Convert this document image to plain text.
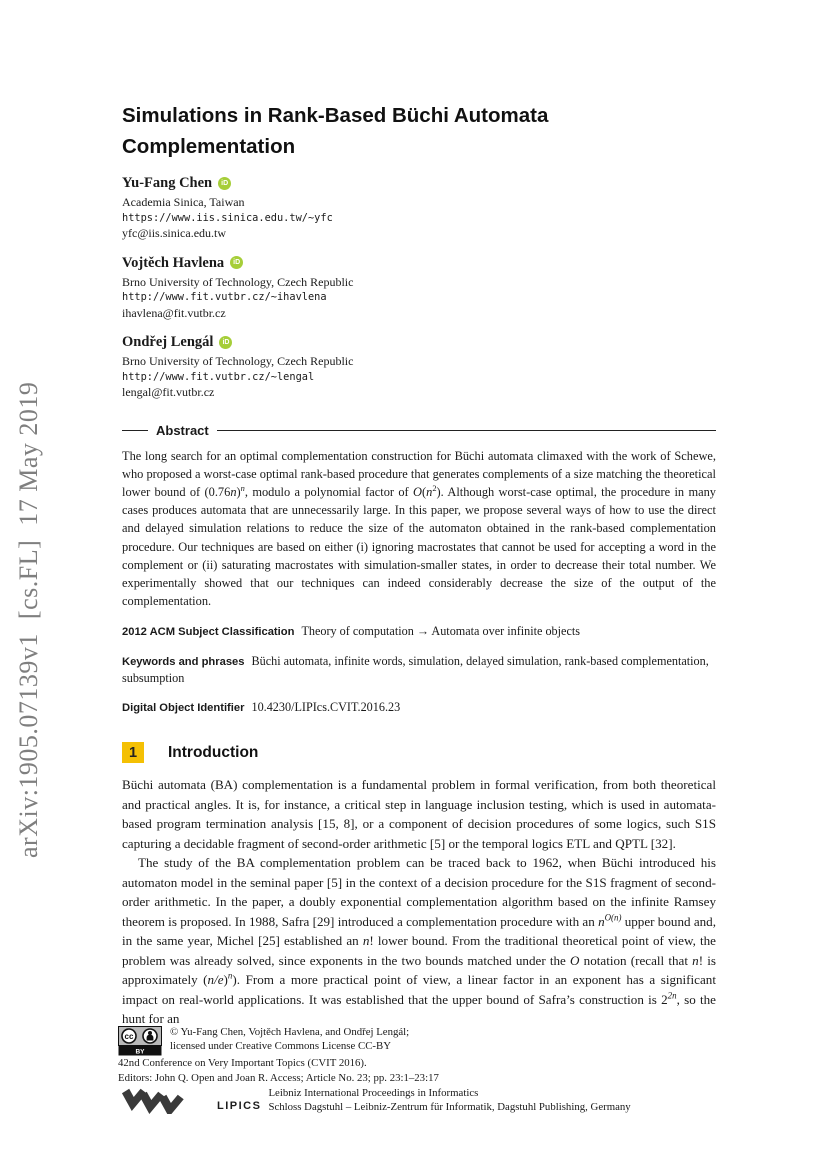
arXiv:1905.07139v1  [cs.FL]  17 May 2019
Simulations in Rank-Based Büchi Automata Complementation
Yu-Fang Chen	iD
Academia Sinica, Taiwan
https://www.iis.sinica.edu.tw/~yfc
yfc@iis.sinica.edu.tw
Vojtěch Havlena	iD
Brno University of Technology, Czech Republic
http://www.fit.vutbr.cz/~ihavlena
ihavlena@fit.vutbr.cz
Ondřej Lengál	iD
Brno University of Technology, Czech Republic
http://www.fit.vutbr.cz/~lengal
lengal@fit.vutbr.cz
Abstract

The long search for an optimal complementation construction for Büchi automata climaxed with the work of Schewe, who proposed a worst-case optimal rank-based procedure that generates complements of a size matching the theoretical lower bound of $(0.76n)^n$, modulo a polynomial factor of $O(n^2)$. Although worst-case optimal, the procedure in many cases produces automata that are unnecessarily large. In this paper, we propose several ways of how to use the direct and delayed simulation relations to reduce the size of the automaton obtained in the rank-based complementation procedure. Our techniques are based on either (i) ignoring macrostates that cannot be used for accepting a word in the complement or (ii) saturating macrostates with simulation-smaller states, in order to decrease their total number. We experimentally showed that our techniques can indeed considerably decrease the size of the output of the complementation.

2012 ACM Subject Classification Theory of computation → Automata over infinite objects
Keywords and phrases Büchi automata, infinite words, simulation, delayed simulation, rank-based complementation, subsumption
Digital Object Identifier 10.4230/LIPIcs.CVIT.2016.23
1	Introduction

Büchi automata (BA) complementation is a fundamental problem in formal verification, from both theoretical and practical angles. It is, for instance, a critical step in language inclusion testing, which is used in automata-based program termination analysis [15, 8], or a component of decision procedures of some logics, such S1S capturing a decidable fragment of second-order arithmetic [5] or the temporal logics ETL and QPTL [32].

The study of the BA complementation problem can be traced back to 1962, when Büchi introduced his automaton model in the seminal paper [5] in the context of a decision procedure for the S1S fragment of second-order arithmetic. In the paper, a doubly exponential complementation algorithm based on the infinite Ramsey theorem is proposed. In 1988, Safra [29] introduced a complementation procedure with an $n^{O(n)}$ upper bound and, in the same year, Michel [25] established an n! lower bound. From the traditional theoretical point of view, the problem was already solved, since exponents in the two bounds matched under the O notation (recall that n! is approximately $(n/e)^n$). From a more practical point of view, a linear factor in an exponent has a significant impact on real-world applications. It was established that the upper bound of Safra’s construction is $2^{2n}$, so the hunt for an

cc
BY
© Yu-Fang Chen, Vojtěch Havlena, and Ondřej Lengál;
licensed under Creative Commons License CC-BY
42nd Conference on Very Important Topics (CVIT 2016).
Editors: John Q. Open and Joan R. Access; Article No. 23; pp. 23:1–23:17
LIPICS
Leibniz International Proceedings in Informatics
Schloss Dagstuhl – Leibniz-Zentrum für Informatik, Dagstuhl Publishing, Germany
